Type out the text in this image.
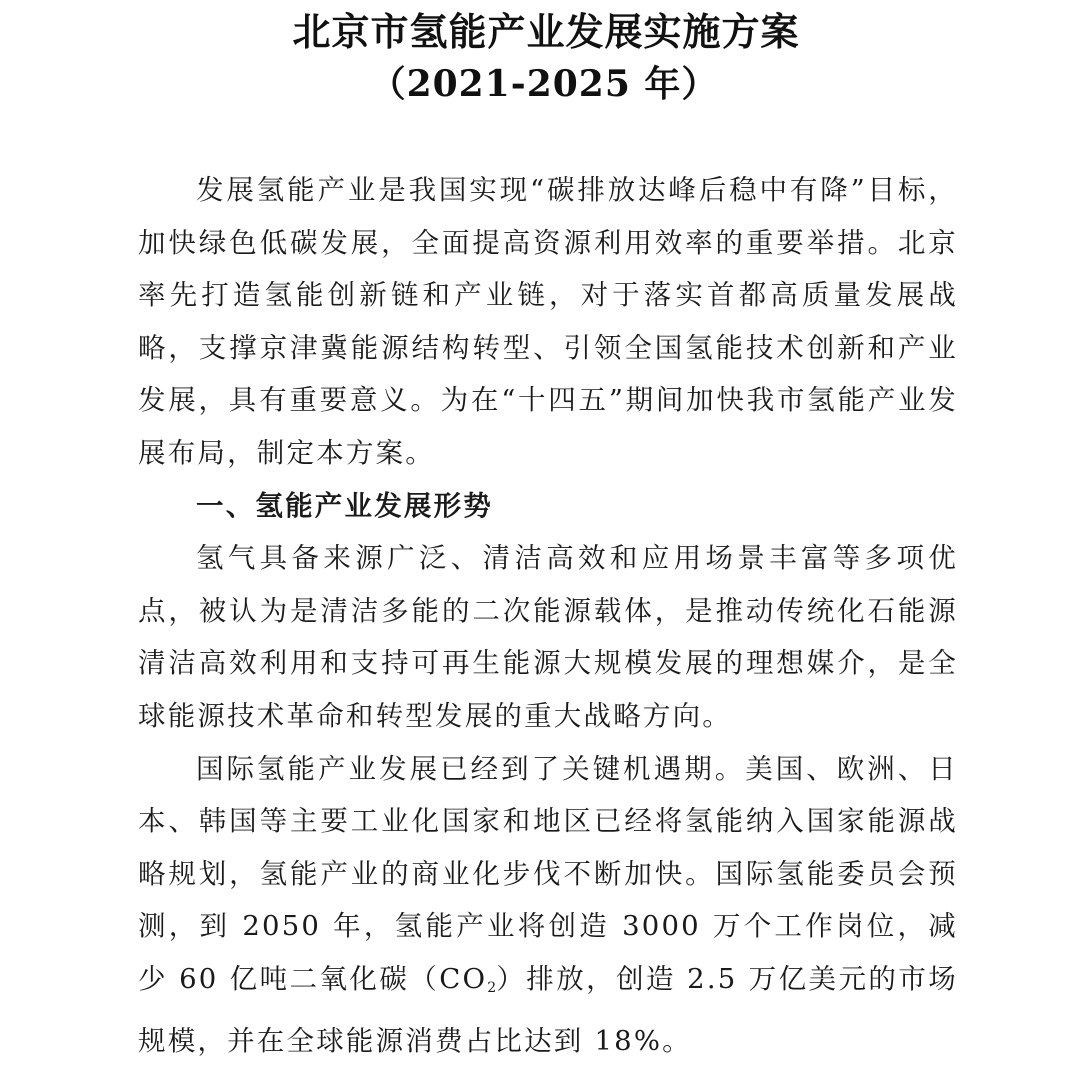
北京市氢能产业发展实施方案
（2021-2025 年）

发展氢能产业是我国实现“碳排放达峰后稳中有降”目标，加快绿色低碳发展，全面提高资源利用效率的重要举措。北京率先打造氢能创新链和产业链，对于落实首都高质量发展战略，支撑京津冀能源结构转型、引领全国氢能技术创新和产业发展，具有重要意义。为在“十四五”期间加快我市氢能产业发展布局，制定本方案。

一、氢能产业发展形势

氢气具备来源广泛、清洁高效和应用场景丰富等多项优点，被认为是清洁多能的二次能源载体，是推动传统化石能源清洁高效利用和支持可再生能源大规模发展的理想媒介，是全球能源技术革命和转型发展的重大战略方向。

国际氢能产业发展已经到了关键机遇期。美国、欧洲、日本、韩国等主要工业化国家和地区已经将氢能纳入国家能源战略规划，氢能产业的商业化步伐不断加快。国际氢能委员会预测，到 2050 年，氢能产业将创造 3000 万个工作岗位，减少 60 亿吨二氧化碳$(CO_2)$排放，创造 2.5 万亿美元的市场规模，并在全球能源消费占比达到 18%。
